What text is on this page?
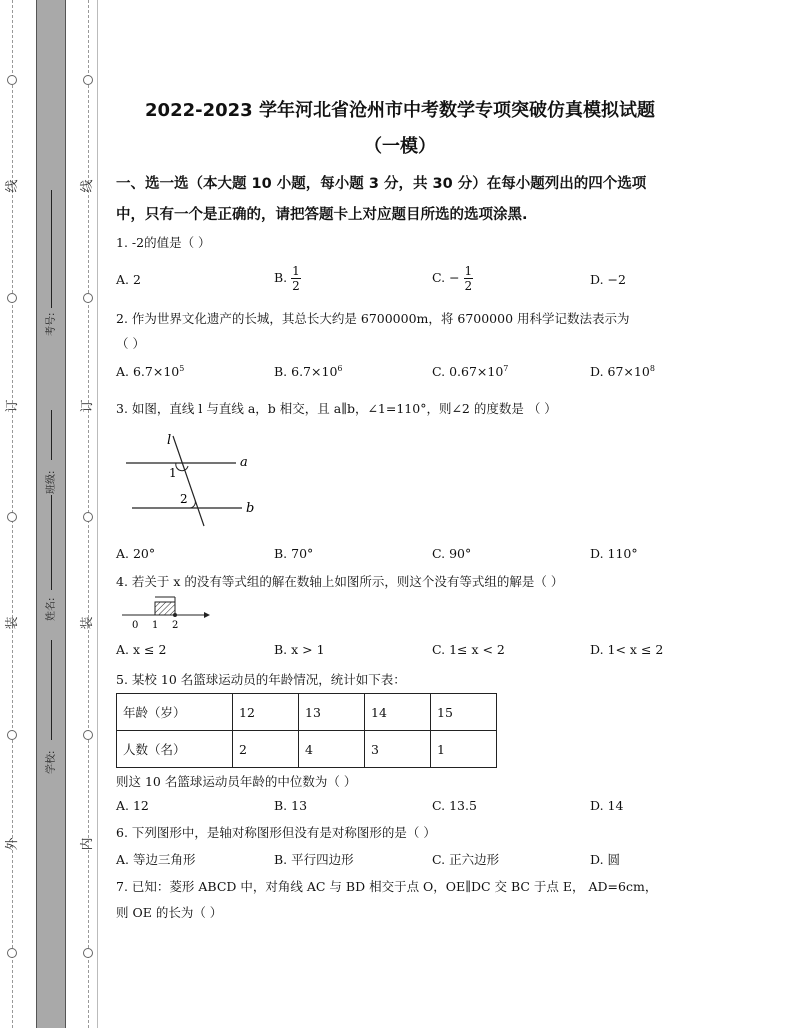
线
订
装
外
线
订
装
内
考号:
班级:
姓名:
学校:
2022-2023 学年河北省沧州市中考数学专项突破仿真模拟试题
（一模）
一、选一选（本大题 10 小题，每小题 3 分，共 30 分）在每小题列出的四个选项
中，只有一个是正确的，请把答题卡上对应题目所选的选项涂黑.
1. -2的值是（ ）
A. 2	B. $\frac{1}{2}$	C. − $\frac{1}{2}$	D. −2
2. 作为世界文化遗产的长城，其总长大约是 6700000m，将 6700000 用科学记数法表示为
（ ）
A. $6.7\times 10^5$	B. $6.7\times 10^6$	C. $0.67\times 10^7$	D. $67\times 10^8$
3. 如图，直线 l 与直线 a，b 相交，且 a∥b，∠1=110°，则∠2 的度数是 （ ）
l
a
b
1
2
A. 20°	B. 70°	C. 90°	D. 110°
4. 若关于 x 的没有等式组的解在数轴上如图所示，则这个没有等式组的解是（ ）
0 1 2
A. x ≤ 2	B. x > 1	C. 1≤ x < 2	D. 1< x ≤ 2
5. 某校 10 名篮球运动员的年龄情况，统计如下表：
年龄（岁）	12	13	14	15
人数（名）	2	4	3	1
则这 10 名篮球运动员年龄的中位数为（ ）
A. 12	B. 13	C. 13.5	D. 14
6. 下列图形中，是轴对称图形但没有是对称图形的是（ ）
A. 等边三角形	B. 平行四边形	C. 正六边形	D. 圆
7. 已知：菱形 ABCD 中，对角线 AC 与 BD 相交于点 O，OE∥DC 交 BC 于点 E， AD=6cm，
则 OE 的长为（ ）
